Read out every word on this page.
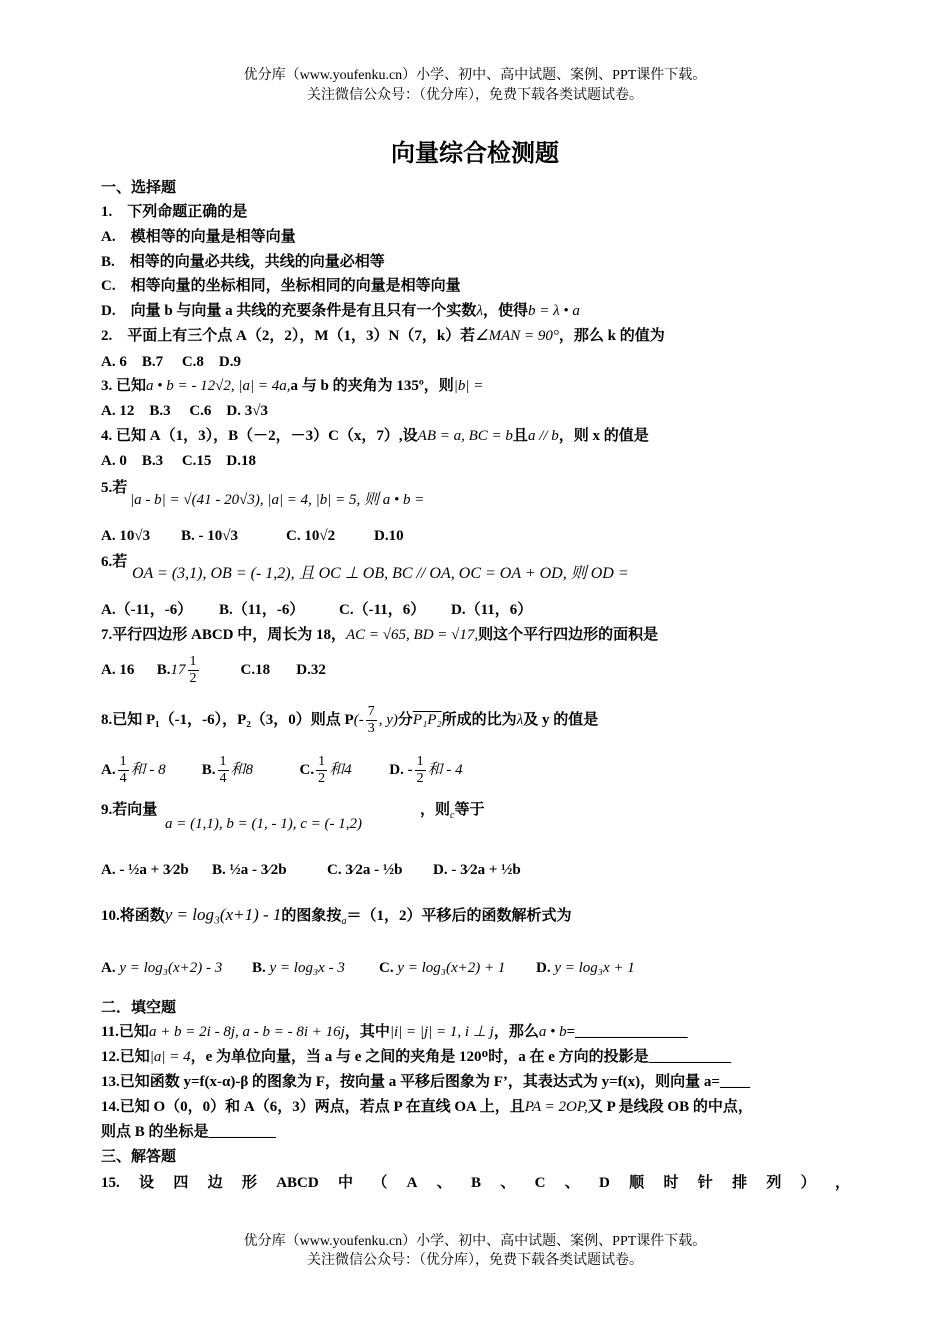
优分库（www.youfenku.cn）小学、初中、高中试题、案例、PPT课件下载。
关注微信公众号：（优分库），免费下载各类试题试卷。
向量综合检测题
一、选择题
1.　下列命题正确的是
A.　模相等的向量是相等向量
B.　相等的向量必共线，共线的向量必相等
C.　相等向量的坐标相同，坐标相同的向量是相等向量
D.　向量 b 与向量 a 共线的充要条件是有且只有一个实数λ，使得b = λ • a
2.　平面上有三个点 A（2，2），M（1，3）N（7，k）若∠MAN = 90°，那么 k 的值为
A. 6　B.7　 C.8　D.9
3. 已知a • b = - 12√2, |a| = 4a,a 与 b 的夹角为 135º，则|b| =
A. 12　B.3　 C.6　D. 3√3
4. 已知 A（1，3），B（－2，－3）C（x，7）,设AB = a, BC = b且a // b，则 x 的值是
A. 0　B.3　 C.15　D.18
5.若
|a - b| = √(41 - 20√3), |a| = 4, |b| = 5, 则 a • b =
A. 10√3 B. - 10√3	C. 10√2	D.10
6.若
OA = (3,1), OB = (- 1,2), 且 OC ⊥ OB, BC // OA, OC = OA + OD, 则 OD =
A.（-11，-6） B.（11，-6） C.（-11，6） D.（11，6）
7.平行四边形 ABCD 中，周长为 18，AC = √65, BD = √17,则这个平行四边形的面积是
A. 16 $B.17 \frac{1}{2}$	C.18 D.32
8.已知 P₁（-1，-6），P₂（3，0）则点 $P(- \frac{7}{3}$ , y)分P₁P₂所成的比为λ及 y 的值是
A. $\frac{1}{4}$ 和 - 8 B. $\frac{1}{4}$ 和8	C. $\frac{1}{2}$ 和4	D. - $\frac{1}{2}$ 和 - 4
9.若向量
a = (1,1), b = (1, - 1), c = (- 1,2)
，则$_c$等于
A. - ½a + 3⁄2b B. ½a - 3⁄2b	C. 3⁄2a - ½b D. - 3⁄2a + ½b
10.将函数y = log₃(x+1) - 1的图象按$_a$＝（1，2）平移后的函数解析式为
A. y = log₃(x+2) - 3 B. y = log₃x - 3 C. y = log₃(x+2) + 1 D. y = log₃x + 1
二．填空题
11.已知a + b = 2i - 8j, a - b = - 8i + 16j，其中|i| = |j| = 1, i ⊥ j，那么a • b=_______________
12.已知|a| = 4，e 为单位向量，当 a 与 e 之间的夹角是 120ᴼ时，a 在 e 方向的投影是___________
13.已知函数 y=f(x-α)-β 的图象为 F，按向量 a 平移后图象为 F’，其表达式为 y=f(x)，则向量 a=____
14.已知 O（0，0）和 A（6，3）两点，若点 P 在直线 OA 上，且PA = 2OP,又 P 是线段 OB 的中点，
则点 B 的坐标是_________
三、解答题
15. 设 四 边 形 ABCD 中 （ A 、 B 、 C 、 D 顺 时 针 排 列 ） ，
优分库（www.youfenku.cn）小学、初中、高中试题、案例、PPT课件下载。
关注微信公众号：（优分库），免费下载各类试题试卷。
